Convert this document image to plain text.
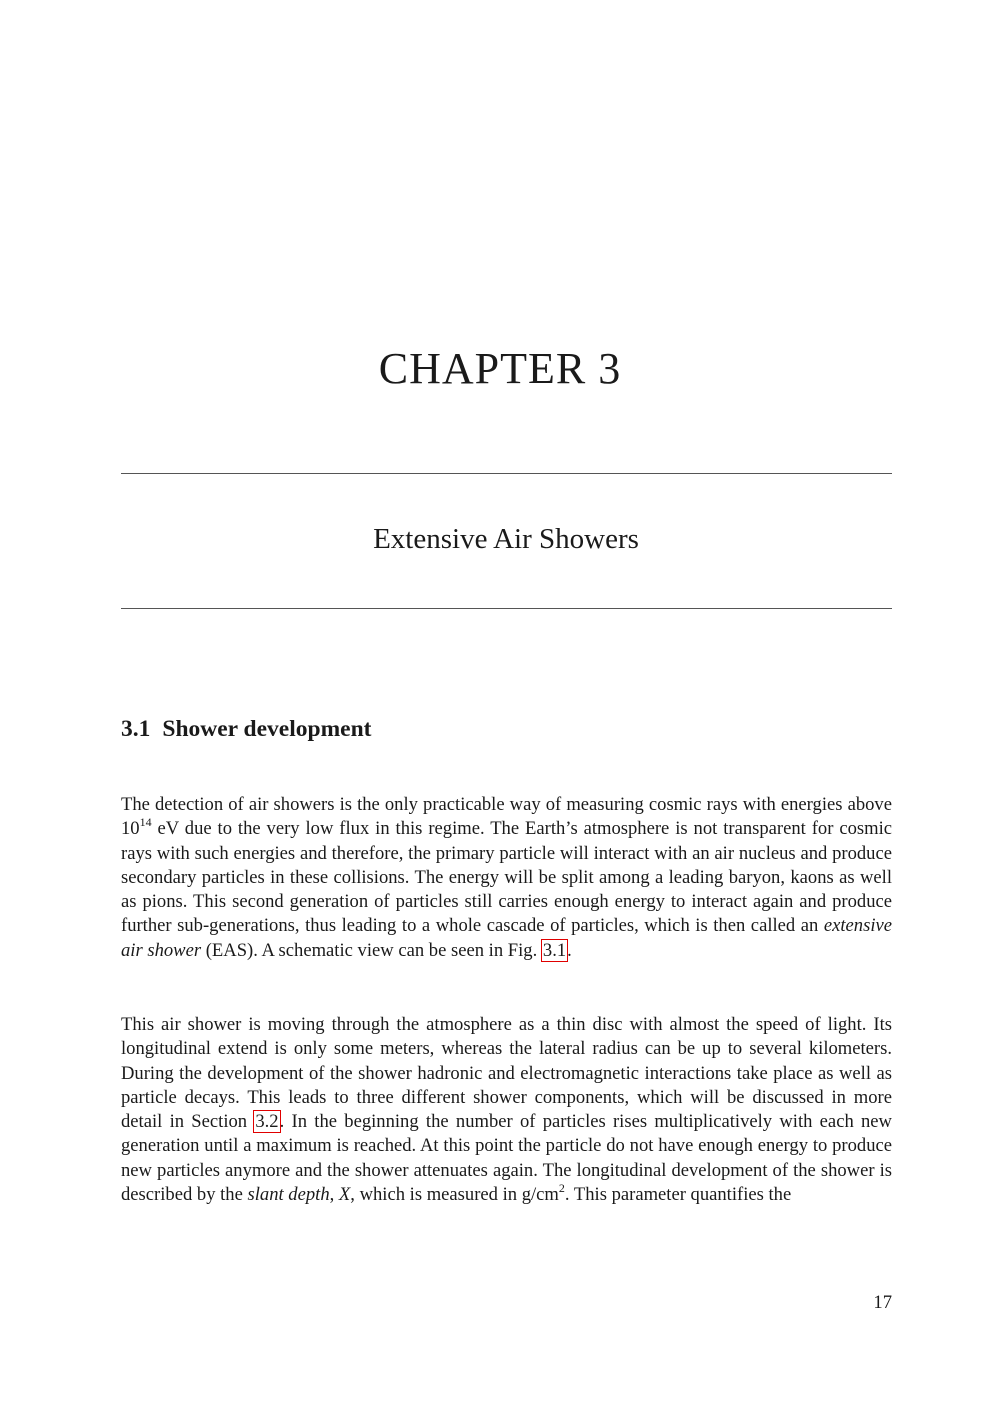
CHAPTER 3
Extensive Air Showers
3.1 Shower development

The detection of air showers is the only practicable way of measuring cosmic rays with energies above $10^{14}$ eV due to the very low flux in this regime. The Earth’s atmosphere is not transparent for cosmic rays with such energies and therefore, the primary particle will interact with an air nucleus and produce secondary particles in these collisions. The energy will be split among a leading baryon, kaons as well as pions. This second generation of particles still carries enough energy to interact again and produce further sub-generations, thus leading to a whole cascade of particles, which is then called an extensive air shower (EAS). A schematic view can be seen in Fig. 3.1.

This air shower is moving through the atmosphere as a thin disc with almost the speed of light. Its longitudinal extend is only some meters, whereas the lateral radius can be up to several kilometers. During the development of the shower hadronic and electromagnetic interactions take place as well as particle decays. This leads to three different shower components, which will be discussed in more detail in Section 3.2. In the beginning the number of particles rises multiplicatively with each new generation until a maximum is reached. At this point the particle do not have enough energy to produce new particles anymore and the shower attenuates again. The longitudinal development of the shower is described by the slant depth, X, which is measured in $g/cm^2$. This parameter quantifies the

17
